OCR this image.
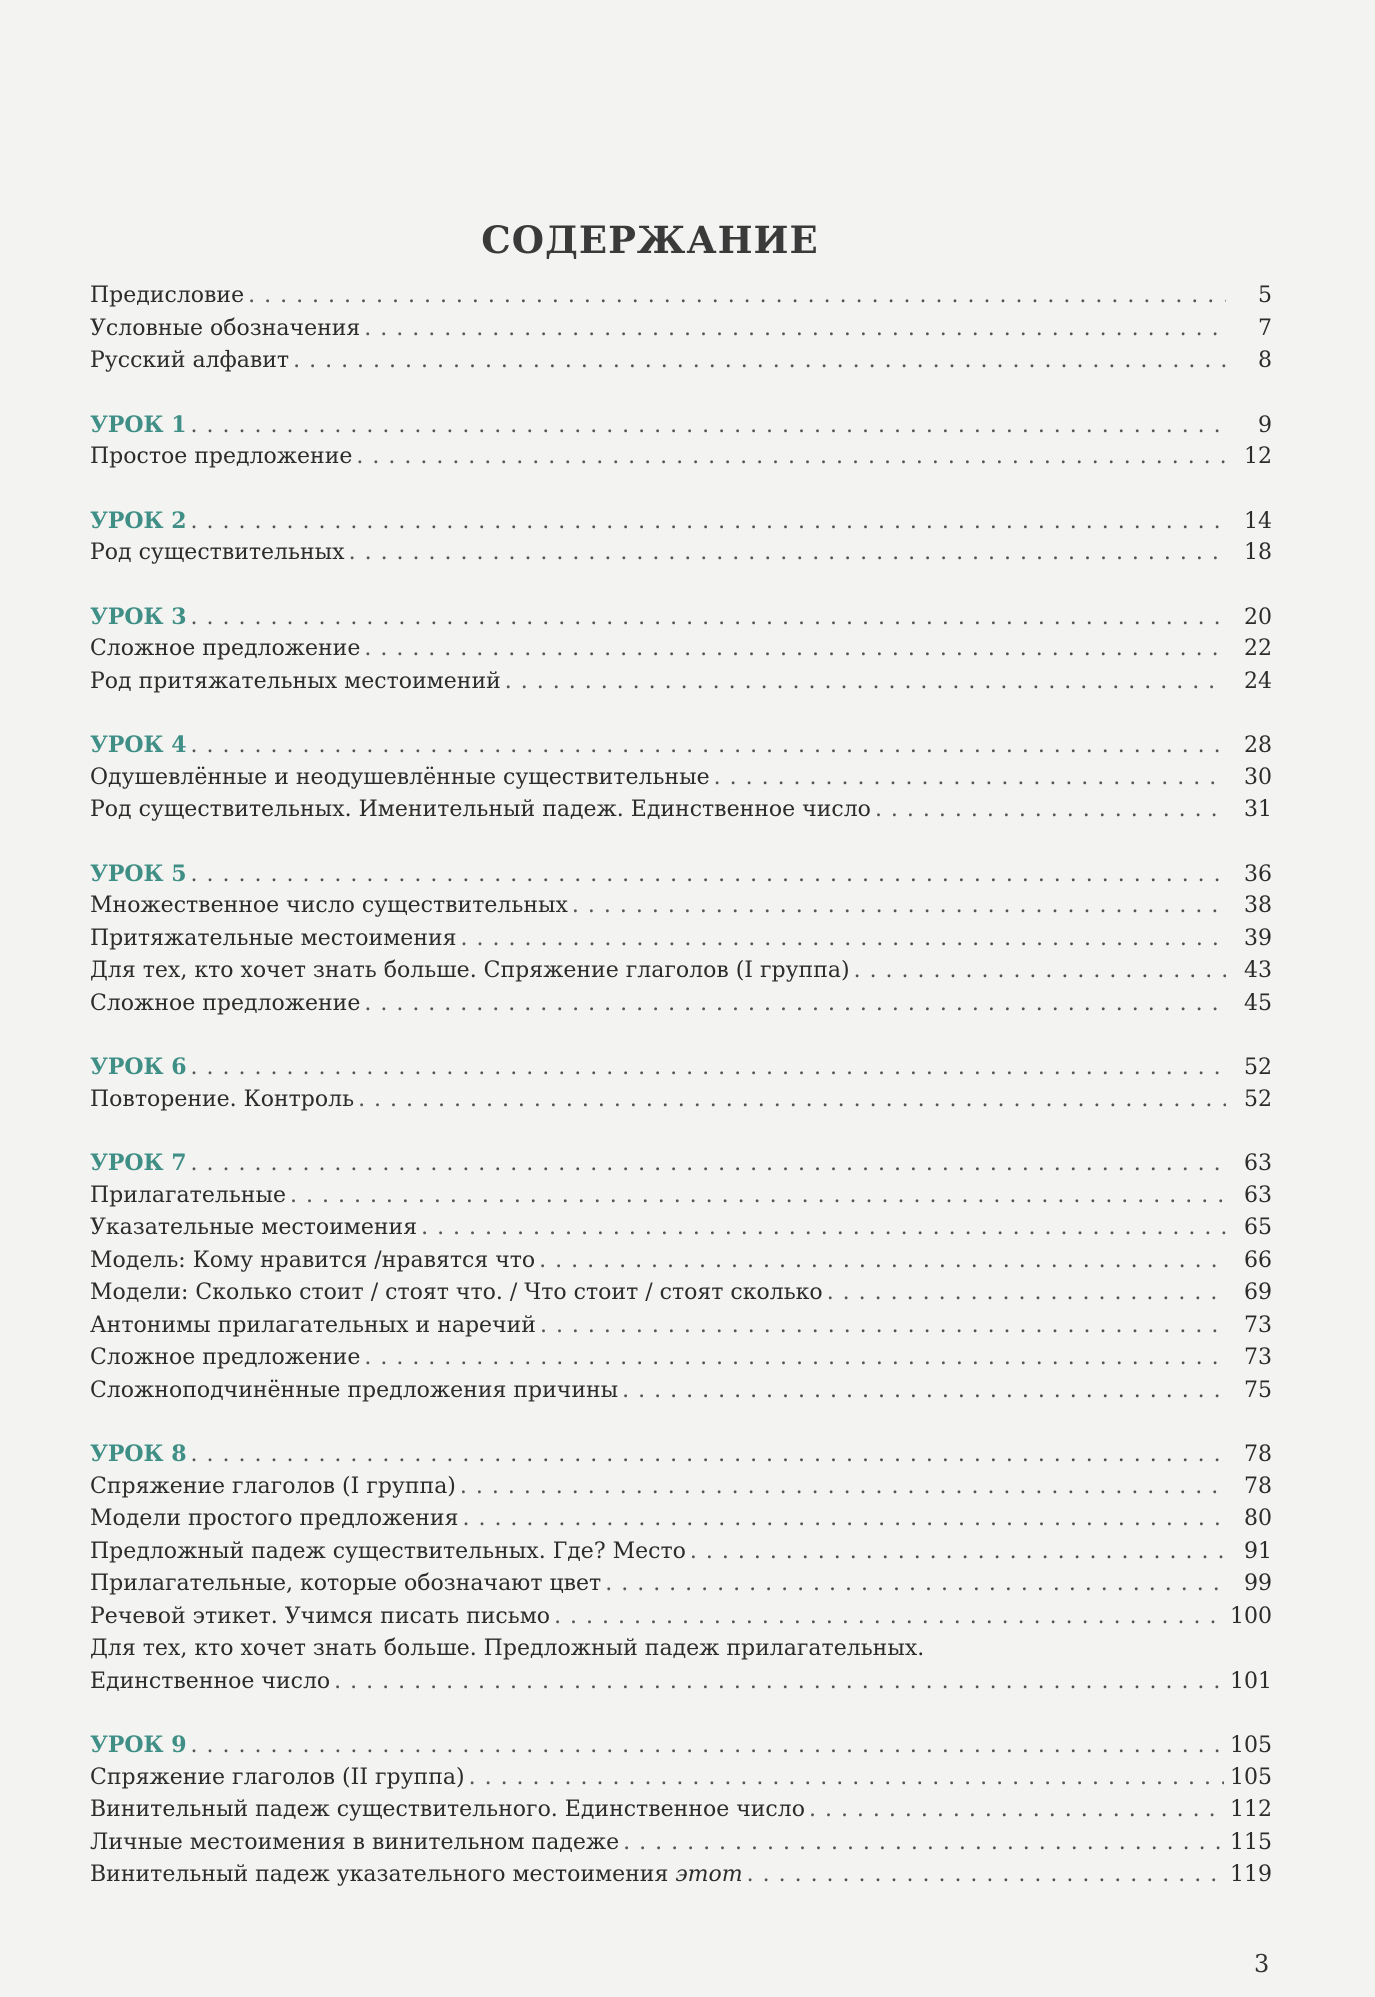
СОДЕРЖАНИЕ
Предисловие . . .	5
Условные обозначения . . .	7
Русский алфавит . . .	8
УРОК 1 . . .	9
Простое предложение . . .	12
УРОК 2 . . .	14
Род существительных . . .	18
УРОК 3 . . .	20
Сложное предложение . . .	22
Род притяжательных местоимений . . .	24
УРОК 4 . . .	28
Одушевлённые и неодушевлённые существительные . . .	30
Род существительных. Именительный падеж. Единственное число . . .	31
УРОК 5 . . .	36
Множественное число существительных . . .	38
Притяжательные местоимения . . .	39
Для тех, кто хочет знать больше. Спряжение глаголов (I группа) . . .	43
Сложное предложение . . .	45
УРОК 6 . . .	52
Повторение. Контроль . . .	52
УРОК 7 . . .	63
Прилагательные . . .	63
Указательные местоимения . . .	65
Модель: Кому нравится /нравятся что . . .	66
Модели: Сколько стоит / стоят что. / Что стоит / стоят сколько . . .	69
Антонимы прилагательных и наречий . . .	73
Сложное предложение . . .	73
Сложноподчинённые предложения причины . . .	75
УРОК 8 . . .	78
Спряжение глаголов (I группа) . . .	78
Модели простого предложения . . .	80
Предложный падеж существительных. Где? Место . . .	91
Прилагательные, которые обозначают цвет . . .	99
Речевой этикет. Учимся писать письмо . . .	100
Для тех, кто хочет знать больше. Предложный падеж прилагательных.
Единственное число . . .	101
УРОК 9 . . .	105
Спряжение глаголов (II группа) . . .	105
Винительный падеж существительного. Единственное число . . .	112
Личные местоимения в винительном падеже . . .	115
Винительный падеж указательного местоимения этот . . .	119
3
